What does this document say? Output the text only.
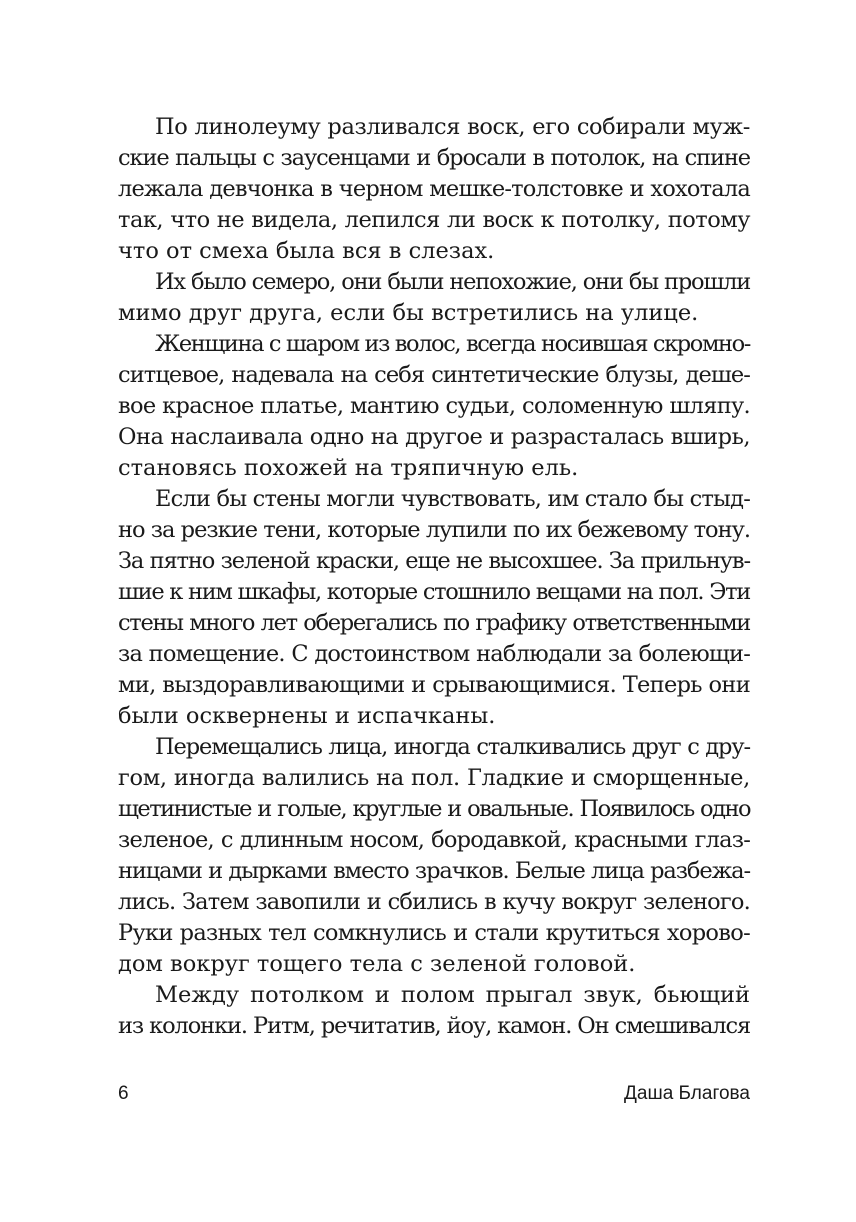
По линолеуму разливался воск, его собирали муж-
ские пальцы с заусенцами и бросали в потолок, на спине
лежала девчонка в черном мешке-толстовке и хохотала
так, что не видела, лепился ли воск к потолку, потому
что от смеха была вся в слезах.
Их было семеро, они были непохожие, они бы прошли
мимо друг друга, если бы встретились на улице.
Женщина с шаром из волос, всегда носившая скромно-
ситцевое, надевала на себя синтетические блузы, деше-
вое красное платье, мантию судьи, соломенную шляпу.
Она наслаивала одно на другое и разрасталась вширь,
становясь похожей на тряпичную ель.
Если бы стены могли чувствовать, им стало бы стыд-
но за резкие тени, которые лупили по их бежевому тону.
За пятно зеленой краски, еще не высохшее. За прильнув-
шие к ним шкафы, которые стошнило вещами на пол. Эти
стены много лет оберегались по графику ответственными
за помещение. С достоинством наблюдали за болеющи-
ми, выздоравливающими и срывающимися. Теперь они
были осквернены и испачканы.
Перемещались лица, иногда сталкивались друг с дру-
гом, иногда валились на пол. Гладкие и сморщенные,
щетинистые и голые, круглые и овальные. Появилось одно
зеленое, с длинным носом, бородавкой, красными глаз-
ницами и дырками вместо зрачков. Белые лица разбежа-
лись. Затем завопили и сбились в кучу вокруг зеленого.
Руки разных тел сомкнулись и стали крутиться хорово-
дом вокруг тощего тела с зеленой головой.
Между потолком и полом прыгал звук, бьющий
из колонки. Ритм, речитатив, йоу, камон. Он смешивался
6	Даша Благова
